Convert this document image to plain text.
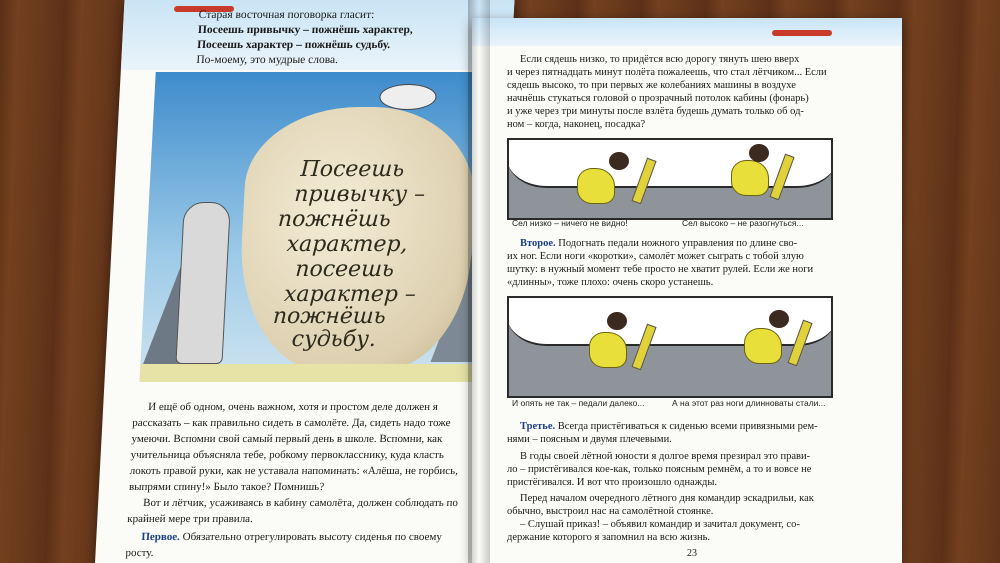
Старая восточная поговорка гласит:
Посеешь привычку – пожнёшь характер,
Посеешь характер – пожнёшь судьбу.
По-моему, это мудрые слова.
Посеешь
привычку –
пожнёшь
характер,
посеешь
характер –
пожнёшь
судьбу.
И ещё об одном, очень важном, хотя и простом деле должен я
рассказать – как правильно сидеть в самолёте. Да, сидеть надо тоже
умеючи. Вспомни свой самый первый день в школе. Вспомни, как
учительница объясняла тебе, робкому первокласснику, куда класть
локоть правой руки, как не уставала напоминать: «Алёша, не горбись,
выпрями спину!» Было такое? Помнишь?
Вот и лётчик, усаживаясь в кабину самолёта, должен соблюдать по
крайней мере три правила.
Первое. Обязательно отрегулировать высоту сиденья по своему
росту.
Если сядешь низко, то придётся всю дорогу тянуть шею вверх
и через пятнадцать минут полёта пожалеешь, что стал лётчиком... Если
сядешь высоко, то при первых же колебаниях машины в воздухе
начнёшь стукаться головой о прозрачный потолок кабины (фонарь)
и уже через три минуты после взлёта будешь думать только об од-
ном – когда, наконец, посадка?
Сел низко – ничего не видно!	Сел высоко – не разогнуться...
Второе. Подогнать педали ножного управления по длине сво-
их ног. Если ноги «коротки», самолёт может сыграть с тобой злую
шутку: в нужный момент тебе просто не хватит рулей. Если же ноги
«длинны», тоже плохо: очень скоро устанешь.
И опять не так – педали далеко...	А на этот раз ноги длинноваты стали...
Третье. Всегда пристёгиваться к сиденью всеми привязными рем-
нями – поясным и двумя плечевыми.
В годы своей лётной юности я долгое время презирал это прави-
ло – пристёгивался кое-как, только поясным ремнём, а то и вовсе не
пристёгивался. И вот что произошло однажды.
Перед началом очередного лётного дня командир эскадрильи, как
обычно, выстроил нас на самолётной стоянке.
– Слушай приказ! – объявил командир и зачитал документ, со-
держание которого я запомнил на всю жизнь.
23
